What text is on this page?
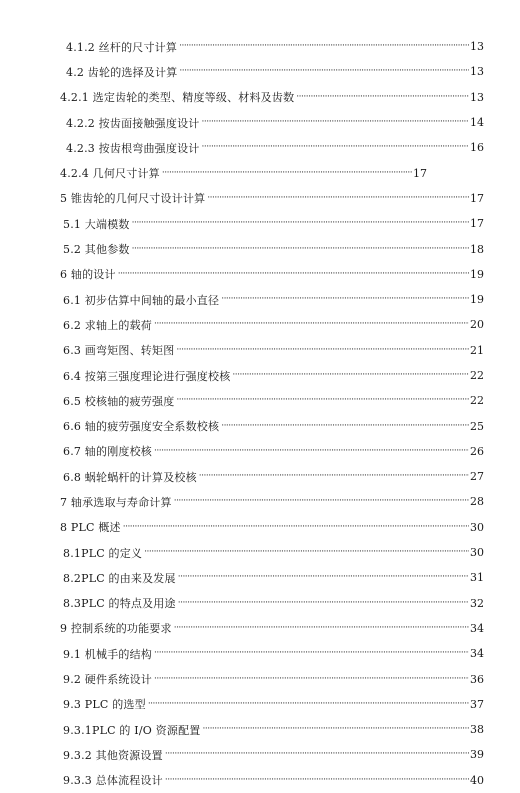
4.1.2 丝杆的尺寸计算 ·····	13
4.2 齿轮的选择及计算 ·····	13
4.2.1 选定齿轮的类型、精度等级、材料及齿数 ·····	13
4.2.2 按齿面接触强度设计 ·····	14
4.2.3 按齿根弯曲强度设计 ·····	16
4.2.4 几何尺寸计算 ·····	17
5 锥齿轮的几何尺寸设计计算 ·····	17
5.1 大端模数 ·····	17
5.2 其他参数 ·····	18
6 轴的设计 ·····	19
6.1 初步估算中间轴的最小直径 ·····	19
6.2 求轴上的载荷 ·····	20
6.3 画弯矩图、转矩图 ·····	21
6.4 按第三强度理论进行强度校核 ·····	22
6.5 校核轴的疲劳强度 ·····	22
6.6 轴的疲劳强度安全系数校核 ·····	25
6.7 轴的刚度校核 ·····	26
6.8 蜗轮蜗杆的计算及校核 ·····	27
7 轴承选取与寿命计算 ·····	28
8 PLC 概述 ·····	30
8.1PLC 的定义 ·····	30
8.2PLC 的由来及发展 ·····	31
8.3PLC 的特点及用途 ·····	32
9 控制系统的功能要求 ·····	34
9.1 机械手的结构 ·····	34
9.2 硬件系统设计 ·····	36
9.3 PLC 的选型 ·····	37
9.3.1PLC 的 I/O 资源配置 ·····	38
9.3.2 其他资源设置 ·····	39
9.3.3 总体流程设计 ·····	40
